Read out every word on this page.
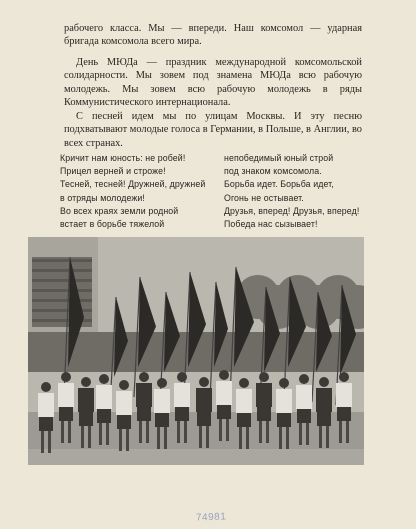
рабочего класса. Мы — впереди. Наш комсомол — ударная бригада комсомола всего мира.

День МЮДа — праздник международной комсомольской солидарности. Мы зовем под знамена МЮДа всю рабочую молодежь. Мы зовем всю рабочую молодежь в ряды Коммунистического интернационала.

С песней идем мы по улицам Москвы. И эту песню подхватывают молодые голоса в Германии, в Польше, в Англии, во всех странах.

Кричит нам юность: не робей!
Прицел верней и строже!
Тесней, тесней! Дружней, дружней
в отряды молодежи!
Во всех краях земли родной
встает в борьбе тяжелой
непобедимый юный строй
под знаком комсомола.
Борьба идет. Борьба идет,
Огонь не остывает.
Друзья, вперед! Друзья, вперед!
Победа нас сызывает!
74981
